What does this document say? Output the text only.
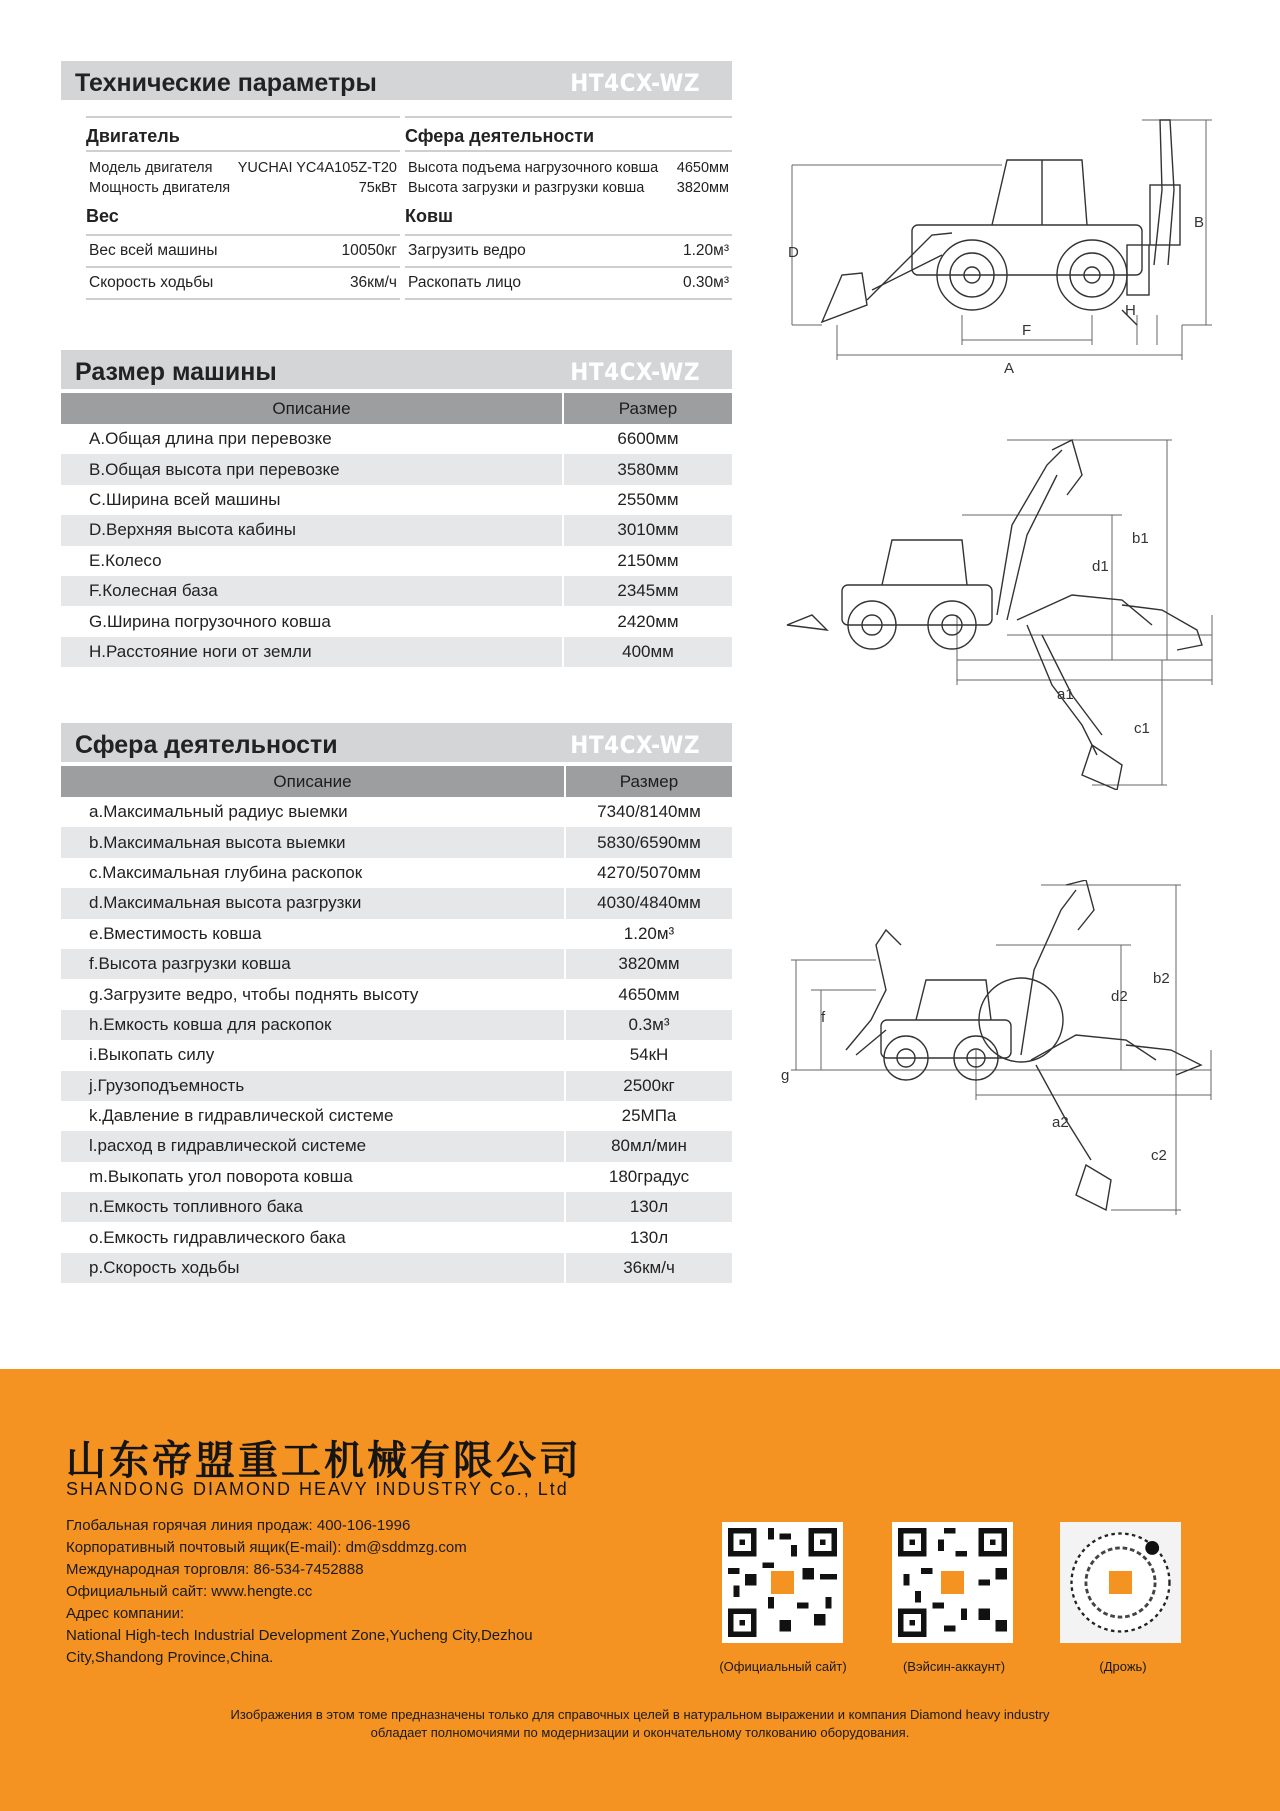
Технические параметры	HT4CX-WZ
Двигатель
Модель двигателя YUCHAI YC4A105Z-T20
Мощность двигателя	75кВт
Вес
Вес всей машины	10050кг
Скорость ходьбы	36км/ч
Сфера деятельности
Высота подъема нагрузочного ковша 4650мм
Высота загрузки и разгрузки ковша 3820мм
Ковш
Загрузить ведро	1.20м³
Раскопать лицо	0.30м³
Размер машины	HT4CX-WZ
Описание	Размер
A.Общая длина при перевозке	6600мм
B.Общая высота при перевозке	3580мм
C.Ширина всей машины	2550мм
D.Верхняя высота кабины	3010мм
E.Колесо	2150мм
F.Колесная база	2345мм
G.Ширина погрузочного ковша	2420мм
H.Расстояние ноги от земли	400мм
Сфера деятельности	HT4CX-WZ
Описание	Размер
a.Максимальный радиус выемки	7340/8140мм
b.Максимальная высота выемки	5830/6590мм
c.Максимальная глубина раскопок	4270/5070мм
d.Максимальная высота разгрузки	4030/4840мм
e.Вместимость ковша	1.20м³
f.Высота разгрузки ковша	3820мм
g.Загрузите ведро, чтобы поднять высоту	4650мм
h.Емкость ковша для раскопок	0.3м³
i.Выкопать силу	54кН
j.Грузоподъемность	2500кг
k.Давление в гидравлической системе	25МПа
l.расход в гидравлической системе	80мл/мин
m.Выкопать угол поворота ковша	180градус
n.Емкость топливного бака	130л
o.Емкость гидравлического бака	130л
p.Скорость ходьбы	36км/ч
D
B
F
H
A
b1
d1
a1
c1
b2
d2
f
g
a2
c2
山东帝盟重工机械有限公司
SHANDONG DIAMOND HEAVY INDUSTRY Co., Ltd
Глобальная горячая линия продаж: 400-106-1996
Корпоративный почтовый ящик(E-mail): dm@sddmzg.com
Международная торговля: 86-534-7452888
Официальный сайт: www.hengte.cc
Адрес компании:
National High-tech Industrial Development Zone,Yucheng City,Dezhou City,Shandong Province,China.
(Официальный сайт)	(Вэйсин-аккаунт)	(Дрожь)
Изображения в этом томе предназначены только для справочных целей в натуральном выражении и компания Diamond heavy industry
обладает полномочиями по модернизации и окончательному толкованию оборудования.
